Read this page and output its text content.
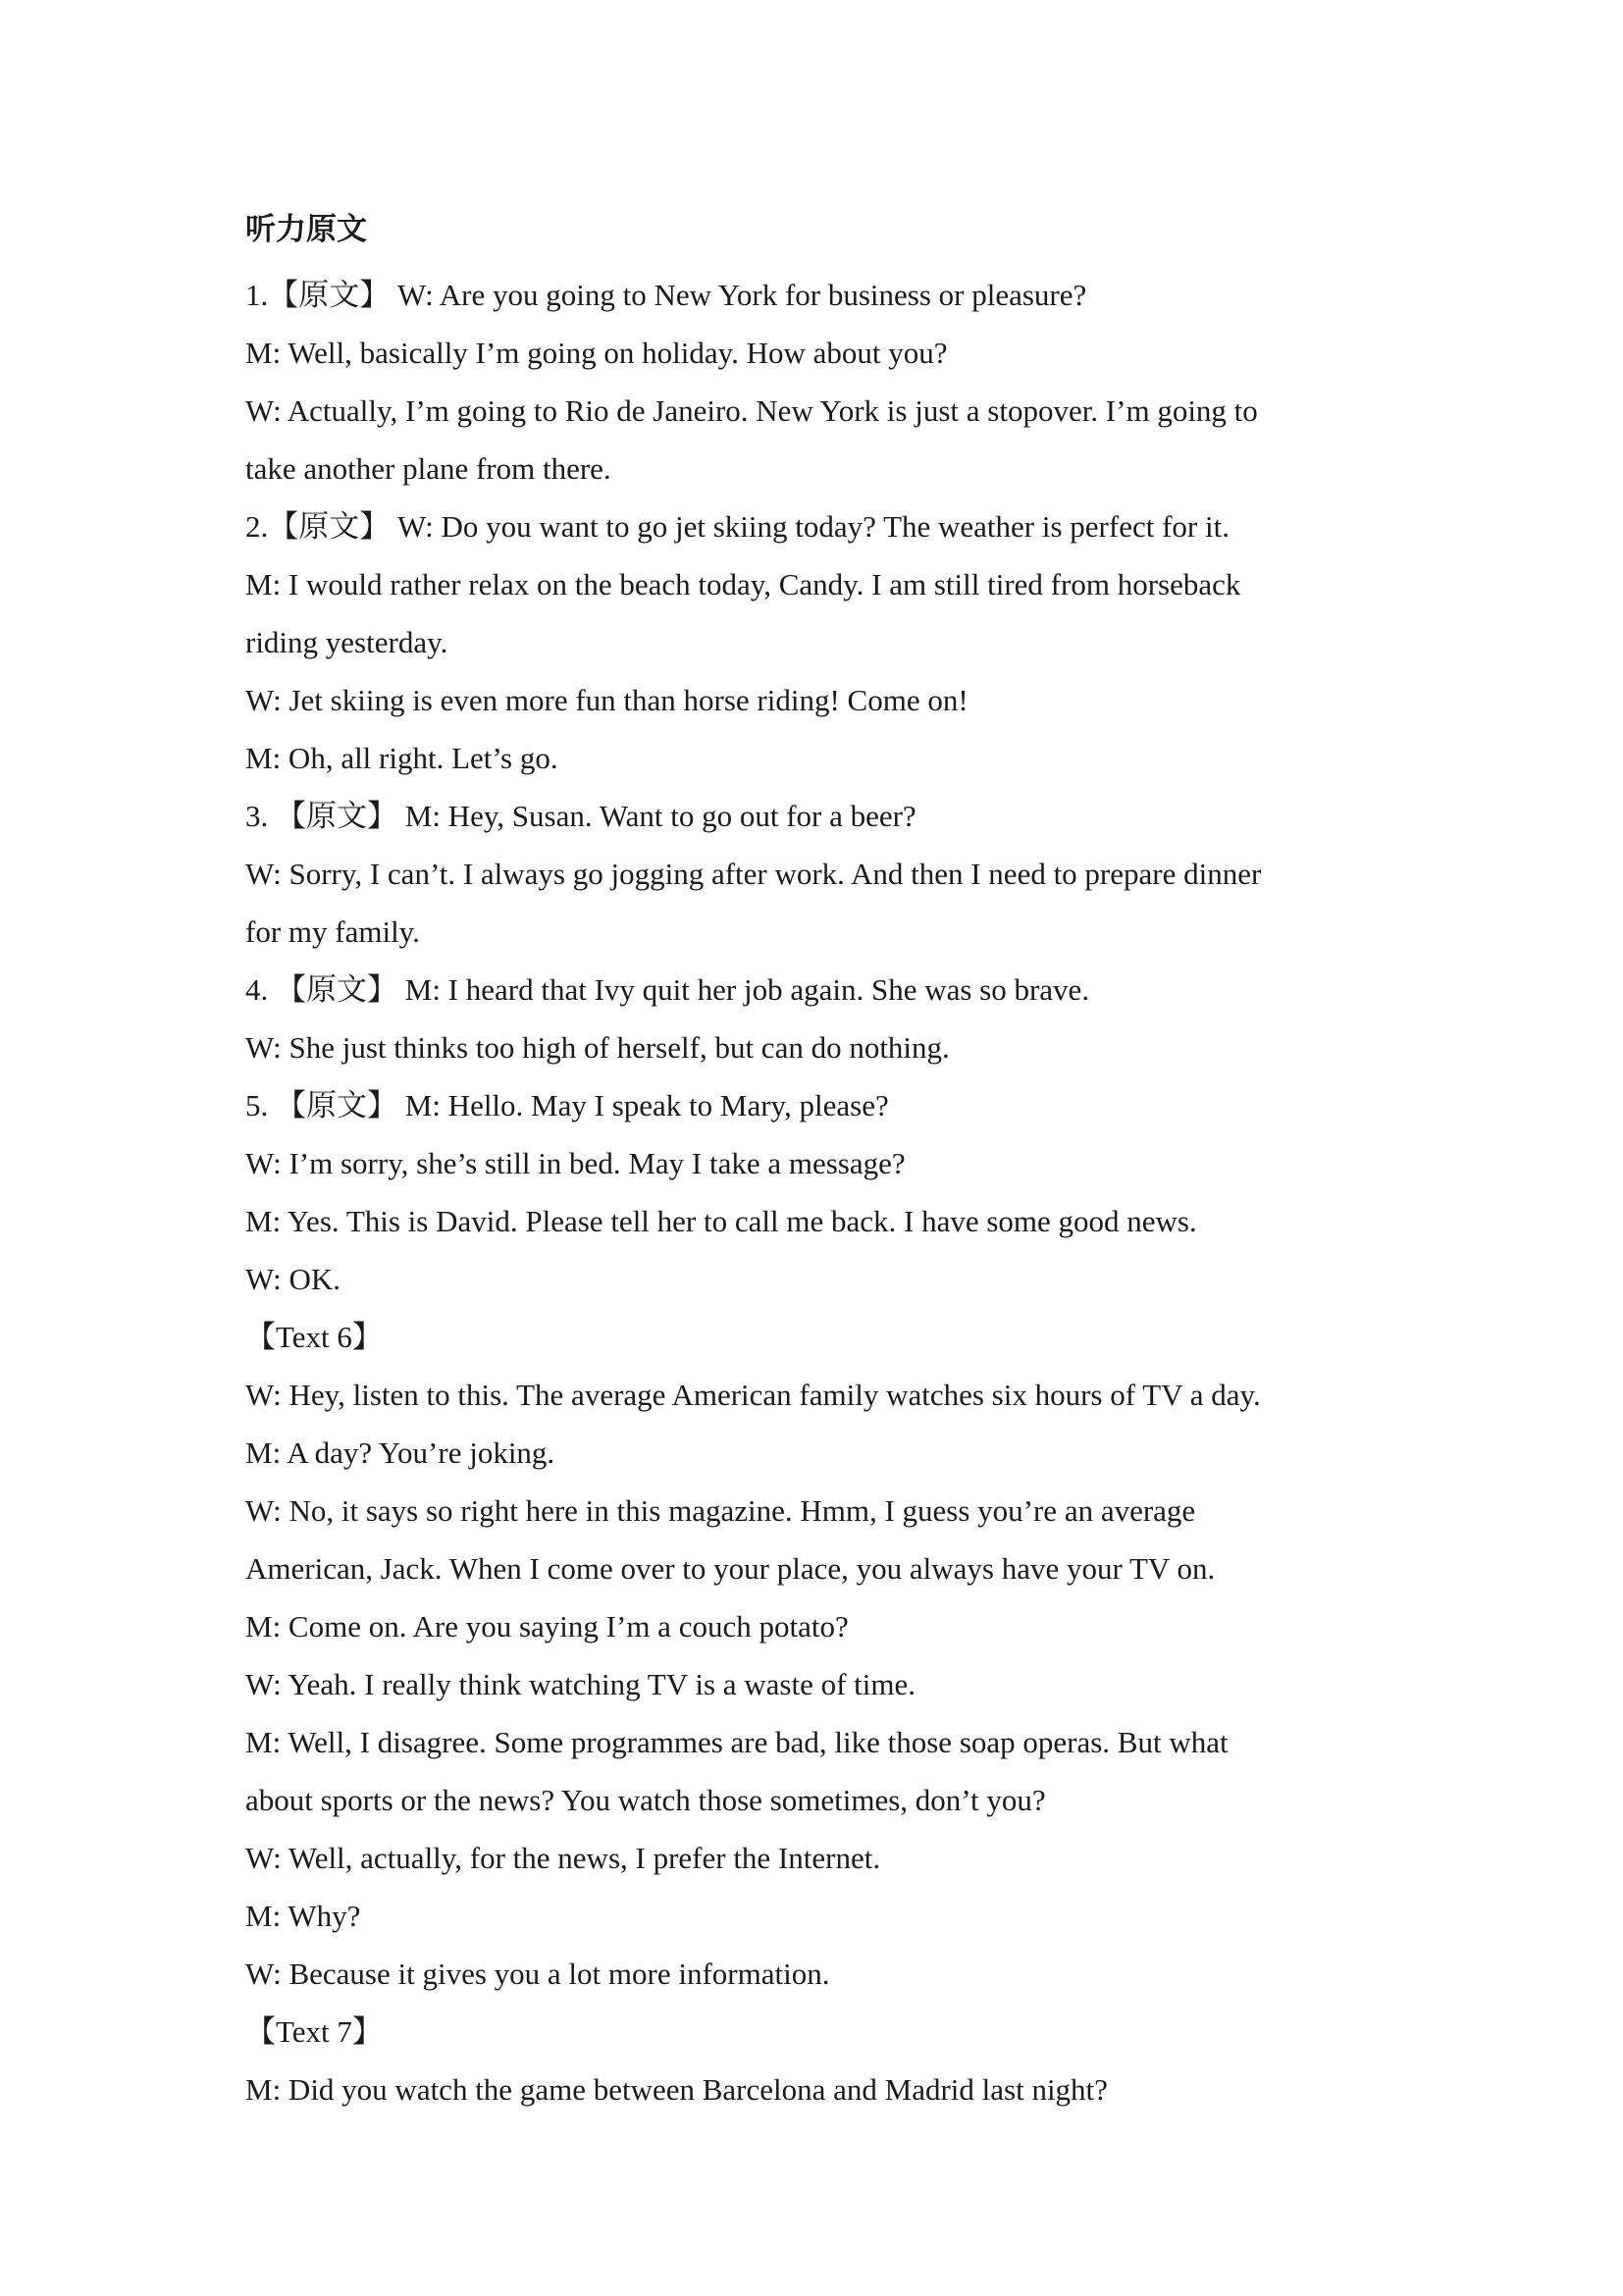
听力原文
1.【原文】 W: Are you going to New York for business or pleasure?
M: Well, basically I’m going on holiday. How about you?
W: Actually, I’m going to Rio de Janeiro. New York is just a stopover. I’m going to
take another plane from there.
2.【原文】 W: Do you want to go jet skiing today? The weather is perfect for it.
M: I would rather relax on the beach today, Candy. I am still tired from horseback
riding yesterday.
W: Jet skiing is even more fun than horse riding! Come on!
M: Oh, all right. Let’s go.
3. 【原文】 M: Hey, Susan. Want to go out for a beer?
W: Sorry, I can’t. I always go jogging after work. And then I need to prepare dinner
for my family.
4. 【原文】 M: I heard that Ivy quit her job again. She was so brave.
W: She just thinks too high of herself, but can do nothing.
5. 【原文】 M: Hello. May I speak to Mary, please?
W: I’m sorry, she’s still in bed. May I take a message?
M: Yes. This is David. Please tell her to call me back. I have some good news.
W: OK.
【Text 6】
W: Hey, listen to this. The average American family watches six hours of TV a day.
M: A day? You’re joking.
W: No, it says so right here in this magazine. Hmm, I guess you’re an average
American, Jack. When I come over to your place, you always have your TV on.
M: Come on. Are you saying I’m a couch potato?
W: Yeah. I really think watching TV is a waste of time.
M: Well, I disagree. Some programmes are bad, like those soap operas. But what
about sports or the news? You watch those sometimes, don’t you?
W: Well, actually, for the news, I prefer the Internet.
M: Why?
W: Because it gives you a lot more information.
【Text 7】
M: Did you watch the game between Barcelona and Madrid last night?
